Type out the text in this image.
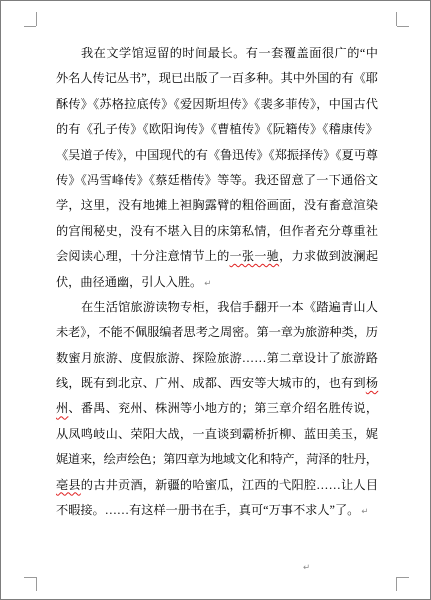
我在文学馆逗留的时间最长。有一套覆盖面很广的“中
外名人传记丛书”，现已出版了一百多种。其中外国的有《耶
酥传》《苏格拉底传》《爱因斯坦传》《裴多菲传》，中国古代
的有《孔子传》《欧阳询传》《曹植传》《阮籍传》《稽康传》
《吴道子传》，中国现代的有《鲁迅传》《郑振择传》《夏丏尊
传》《冯雪峰传》《蔡廷楷传》等等。我还留意了一下通俗文
学，这里，没有地摊上袒胸露臂的粗俗画面，没有畜意渲染
的宫闱秘史，没有不堪入目的床第私情，但作者充分尊重社
会阅读心理，十分注意情节上的一张一驰，力求做到波澜起
伏，曲径通幽，引人入胜。 ↵
在生活馆旅游读物专柜，我信手翻开一本《踏遍青山人
未老》，不能不佩服编者思考之周密。第一章为旅游种类，历
数蜜月旅游、度假旅游、探险旅游……第二章设计了旅游路
线，既有到北京、广州、成都、西安等大城市的，也有到杨
州、番禺、兖州、株洲等小地方的；第三章介绍名胜传说，
从凤鸣岐山、荣阳大战，一直谈到霸桥折柳、蓝田美玉，娓
娓道来，绘声绘色；第四章为地域文化和特产，菏泽的牡丹，
亳县的古井贡酒，新疆的哈蜜瓜，江西的弋阳腔……让人目
不暇接。……有这样一册书在手，真可“万事不求人”了。 ↵
↵
